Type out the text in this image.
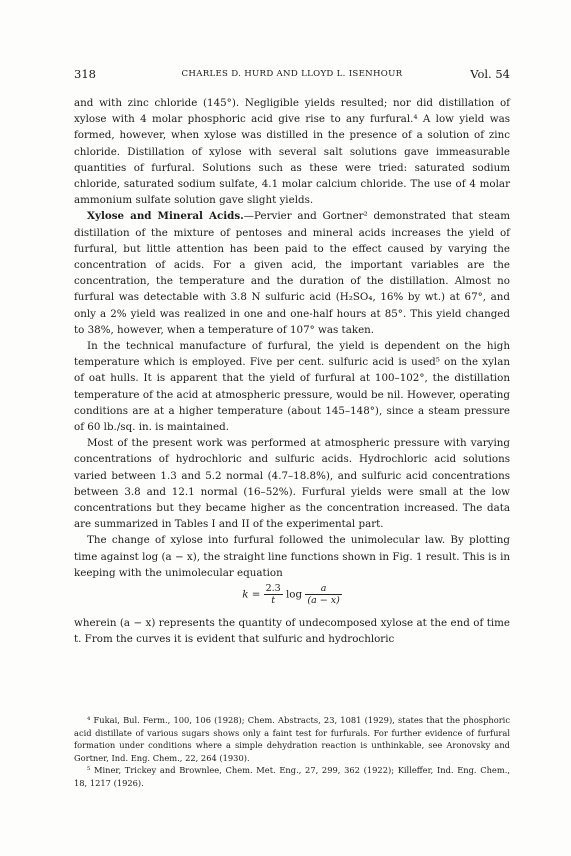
318	CHARLES D. HURD AND LLOYD L. ISENHOUR	Vol. 54

and with zinc chloride (145°). Negligible yields resulted; nor did distillation of xylose with 4 molar phosphoric acid give rise to any furfural.⁴ A low yield was formed, however, when xylose was distilled in the presence of a solution of zinc chloride. Distillation of xylose with several salt solutions gave immeasurable quantities of furfural. Solutions such as these were tried: saturated sodium chloride, saturated sodium sulfate, 4.1 molar calcium chloride. The use of 4 molar ammonium sulfate solution gave slight yields.

Xylose and Mineral Acids.—Pervier and Gortner² demonstrated that steam distillation of the mixture of pentoses and mineral acids increases the yield of furfural, but little attention has been paid to the effect caused by varying the concentration of acids. For a given acid, the important variables are the concentration, the temperature and the duration of the distillation. Almost no furfural was detectable with 3.8 N sulfuric acid (H₂SO₄, 16% by wt.) at 67°, and only a 2% yield was realized in one and one-half hours at 85°. This yield changed to 38%, however, when a temperature of 107° was taken.

In the technical manufacture of furfural, the yield is dependent on the high temperature which is employed. Five per cent. sulfuric acid is used⁵ on the xylan of oat hulls. It is apparent that the yield of furfural at 100–102°, the distillation temperature of the acid at atmospheric pressure, would be nil. However, operating conditions are at a higher temperature (about 145–148°), since a steam pressure of 60 lb./sq. in. is maintained.

Most of the present work was performed at atmospheric pressure with varying concentrations of hydrochloric and sulfuric acids. Hydrochloric acid solutions varied between 1.3 and 5.2 normal (4.7–18.8%), and sulfuric acid concentrations between 3.8 and 12.1 normal (16–52%). Furfural yields were small at the low concentrations but they became higher as the concentration increased. The data are summarized in Tables I and II of the experimental part.

The change of xylose into furfural followed the unimolecular law. By plotting time against log (a − x), the straight line functions shown in Fig. 1 result. This is in keeping with the unimolecular equation

$k = \frac{2.3}{t}$ $\log \frac{a}{(a - x)}$

wherein (a − x) represents the quantity of undecomposed xylose at the end of time t. From the curves it is evident that sulfuric and hydrochloric

⁴ Fukai, Bul. Ferm., 100, 106 (1928); Chem. Abstracts, 23, 1081 (1929), states that the phosphoric acid distillate of various sugars shows only a faint test for furfurals. For further evidence of furfural formation under conditions where a simple dehydration reaction is unthinkable, see Aronovsky and Gortner, Ind. Eng. Chem., 22, 264 (1930).

⁵ Miner, Trickey and Brownlee, Chem. Met. Eng., 27, 299, 362 (1922); Killeffer, Ind. Eng. Chem., 18, 1217 (1926).
